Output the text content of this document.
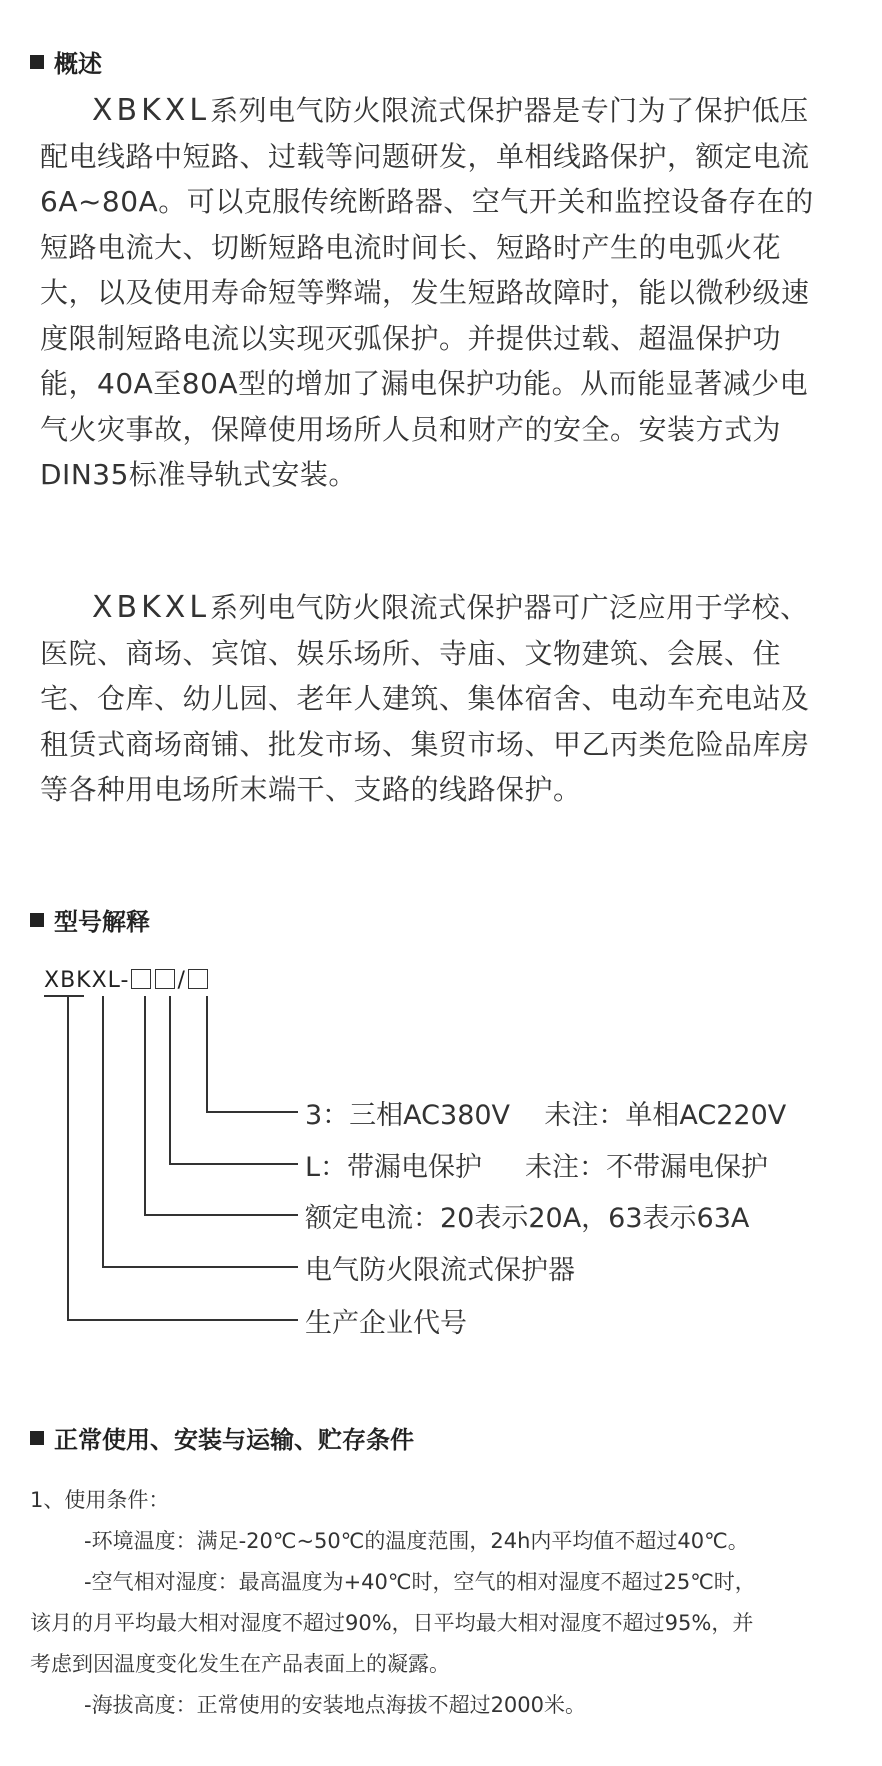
概述
XBKXL系列电气防火限流式保护器是专门为了保护低压配电线路中短路、过载等问题研发，单相线路保护，额定电流6A~80A。可以克服传统断路器、空气开关和监控设备存在的短路电流大、切断短路电流时间长、短路时产生的电弧火花大，以及使用寿命短等弊端，发生短路故障时，能以微秒级速度限制短路电流以实现灭弧保护。并提供过载、超温保护功能，40A至80A型的增加了漏电保护功能。从而能显著减少电气火灾事故，保障使用场所人员和财产的安全。安装方式为DIN35标准导轨式安装。
XBKXL系列电气防火限流式保护器可广泛应用于学校、医院、商场、宾馆、娱乐场所、寺庙、文物建筑、会展、住宅、仓库、幼儿园、老年人建筑、集体宿舍、电动车充电站及租赁式商场商铺、批发市场、集贸市场、甲乙丙类危险品库房等各种用电场所末端干、支路的线路保护。
型号解释
XBKXL- /
3：三相AC380V    未注：单相AC220V
L：带漏电保护     未注：不带漏电保护
额定电流：20表示20A，63表示63A
电气防火限流式保护器
生产企业代号
正常使用、安装与运输、贮存条件
1、使用条件：
-环境温度：满足-20℃~50℃的温度范围，24h内平均值不超过40℃。
-空气相对湿度：最高温度为+40℃时，空气的相对湿度不超过25℃时，
该月的月平均最大相对湿度不超过90%，日平均最大相对湿度不超过95%，并
考虑到因温度变化发生在产品表面上的凝露。
-海拔高度：正常使用的安装地点海拔不超过2000米。
